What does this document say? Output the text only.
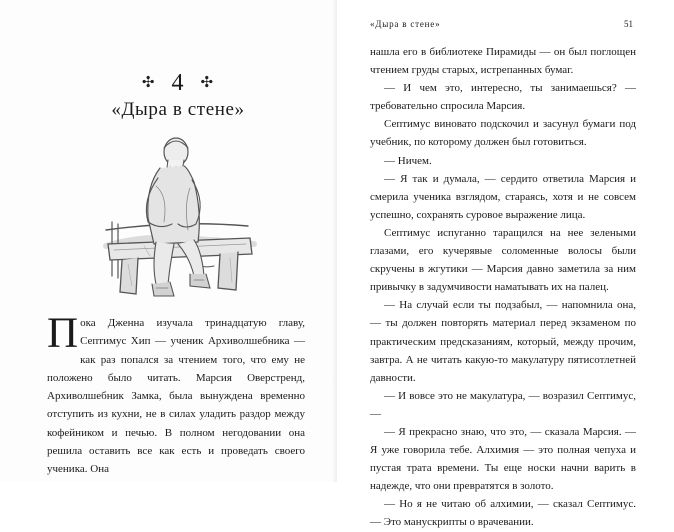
✣ 4 ✣
«Дыра в стене»

Пока Дженна изучала тринадцатую главу, Септимус Хип — ученик Архиволшебника — как раз попался за чтением того, что ему не положено было читать. Марсия Оверстренд, Архиволшебник Замка, была вынуждена временно отступить из кухни, не в силах уладить раздор между кофейником и печью. В полном негодовании она решила оставить все как есть и проведать своего ученика. Она

«Дыра в стене»	51

нашла его в библиотеке Пирамиды — он был поглощен чтением груды старых, истрепанных бумаг.

— И чем это, интересно, ты занимаешься? — требовательно спросила Марсия.

Септимус виновато подскочил и засунул бумаги под учебник, по которому должен был готовиться.

— Ничем.

— Я так и думала, — сердито ответила Марсия и смерила ученика взглядом, стараясь, хотя и не совсем успешно, сохранять суровое выражение лица.

Септимус испуганно таращился на нее зелеными глазами, его кучерявые соломенные волосы были скручены в жгутики — Марсия давно заметила за ним привычку в задумчивости наматывать их на палец.

— На случай если ты подзабыл, — напомнила она, — ты должен повторять материал перед экзаменом по практическим предсказаниям, который, между прочим, завтра. А не читать какую-то макулатуру пятисотлетней давности.

— И вовсе это не макулатура, — возразил Септимус, —

— Я прекрасно знаю, что это, — сказала Марсия. — Я уже говорила тебе. Алхимия — это полная чепуха и пустая трата времени. Ты еще носки начни варить в надежде, что они превратятся в золото.

— Но я не читаю об алхимии, — сказал Септимус. — Это манускрипты о врачевании.
